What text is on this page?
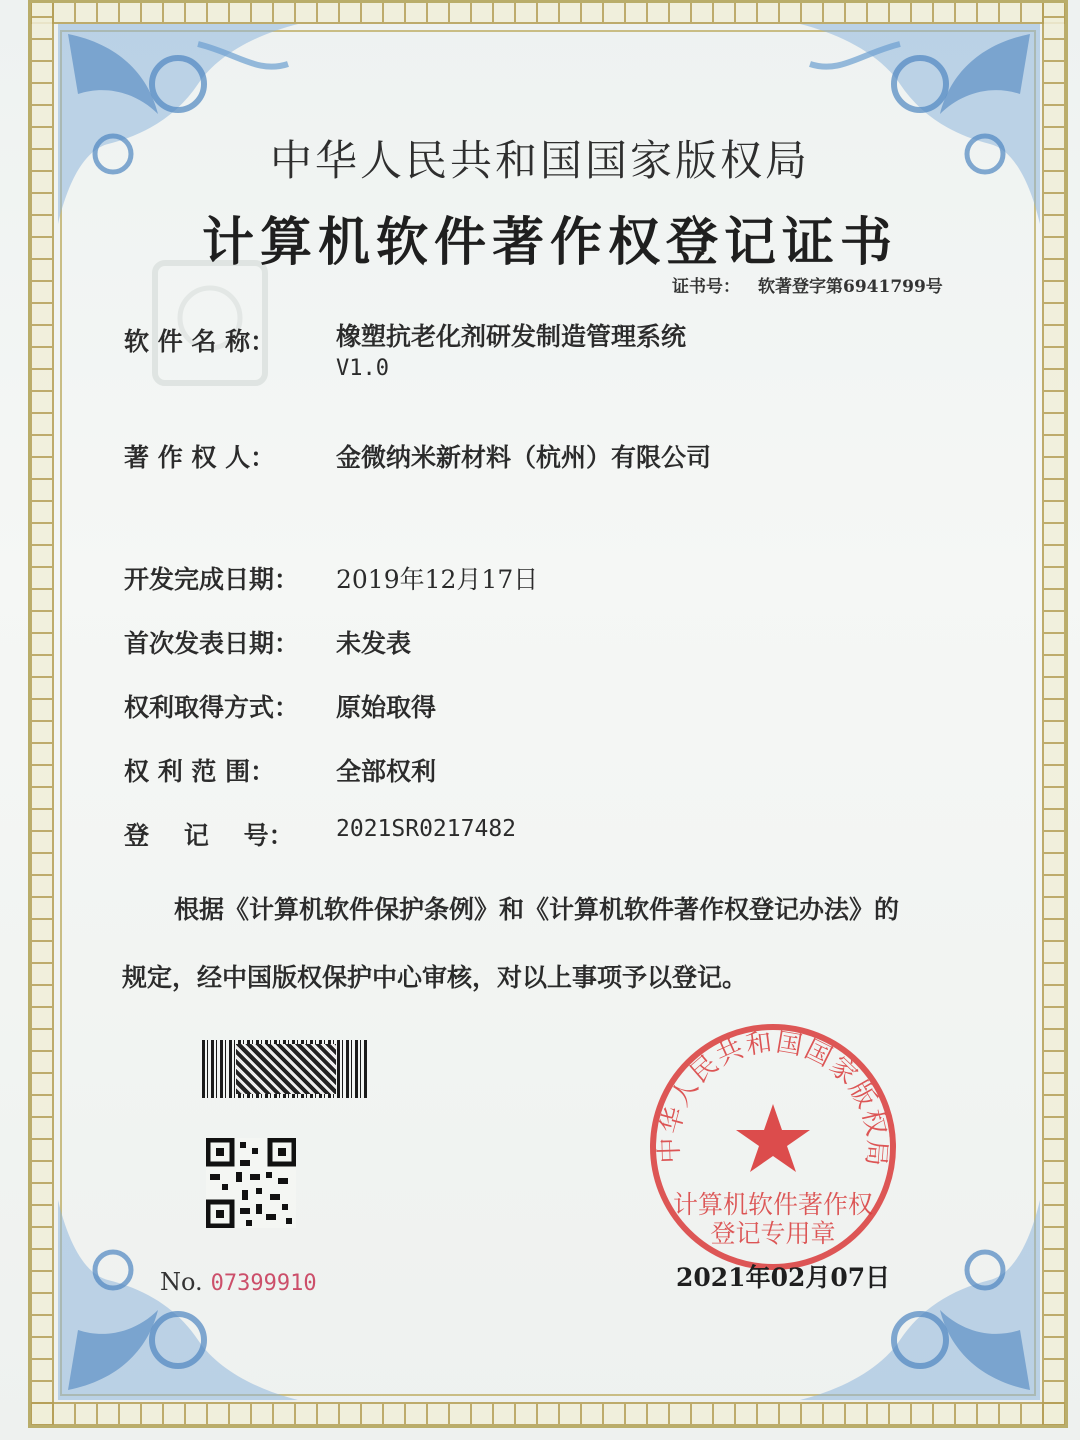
中华人民共和国国家版权局
计算机软件著作权登记证书
证书号： 软著登字第6941799号
软 件 名 称： 橡塑抗老化剂研发制造管理系统
V1.0
著 作 权 人： 金微纳米新材料（杭州）有限公司
开发完成日期： 2019年12月17日
首次发表日期： 未发表
权利取得方式： 原始取得
权 利 范 围： 全部权利
登    记    号： 2021SR0217482
根据《计算机软件保护条例》和《计算机软件著作权登记办法》的
规定，经中国版权保护中心审核，对以上事项予以登记。
No. 07399910
中华人民共和国国家版权局
计算机软件著作权
登记专用章
2021年02月07日
